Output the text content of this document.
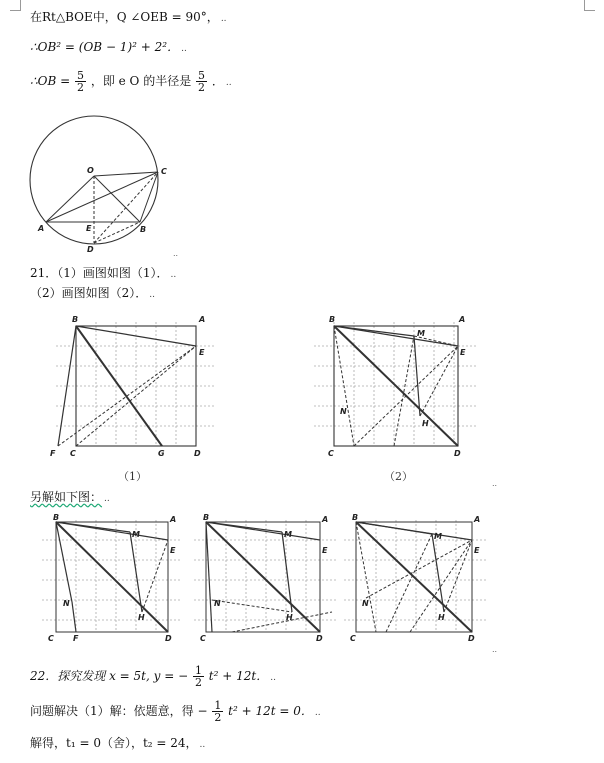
在Rt△BOE中，Q ∠OEB = 90°， ..
∴OB² = (OB − 1)² + 2²． ..
∴OB = $\frac{5}{2}$ ，即 e O 的半径是 $\frac{5}{2}$ ． ..
O	C
A	E	B
D	..
21．（1）画图如图（1）． ..
（2）画图如图（2）． ..
B	A
E
F C	G	D
（1）
B
M
A
E
N
H
C	D
..
（2）
另解如下图： ..
B	A
M
E
N
H
C F	D
B	A
M
E
N
H
C	D
B	A
M
E
N
H
C	D
..
22．探究发现 x = 5t, y = − $\frac{1}{2} t^2 + 12t$． ..
问题解决（1）解：依题意，得 − $\frac{1}{2} t^2 + 12t = 0$． ..
解得，t₁ = 0（舍），t₂ = 24， ..
